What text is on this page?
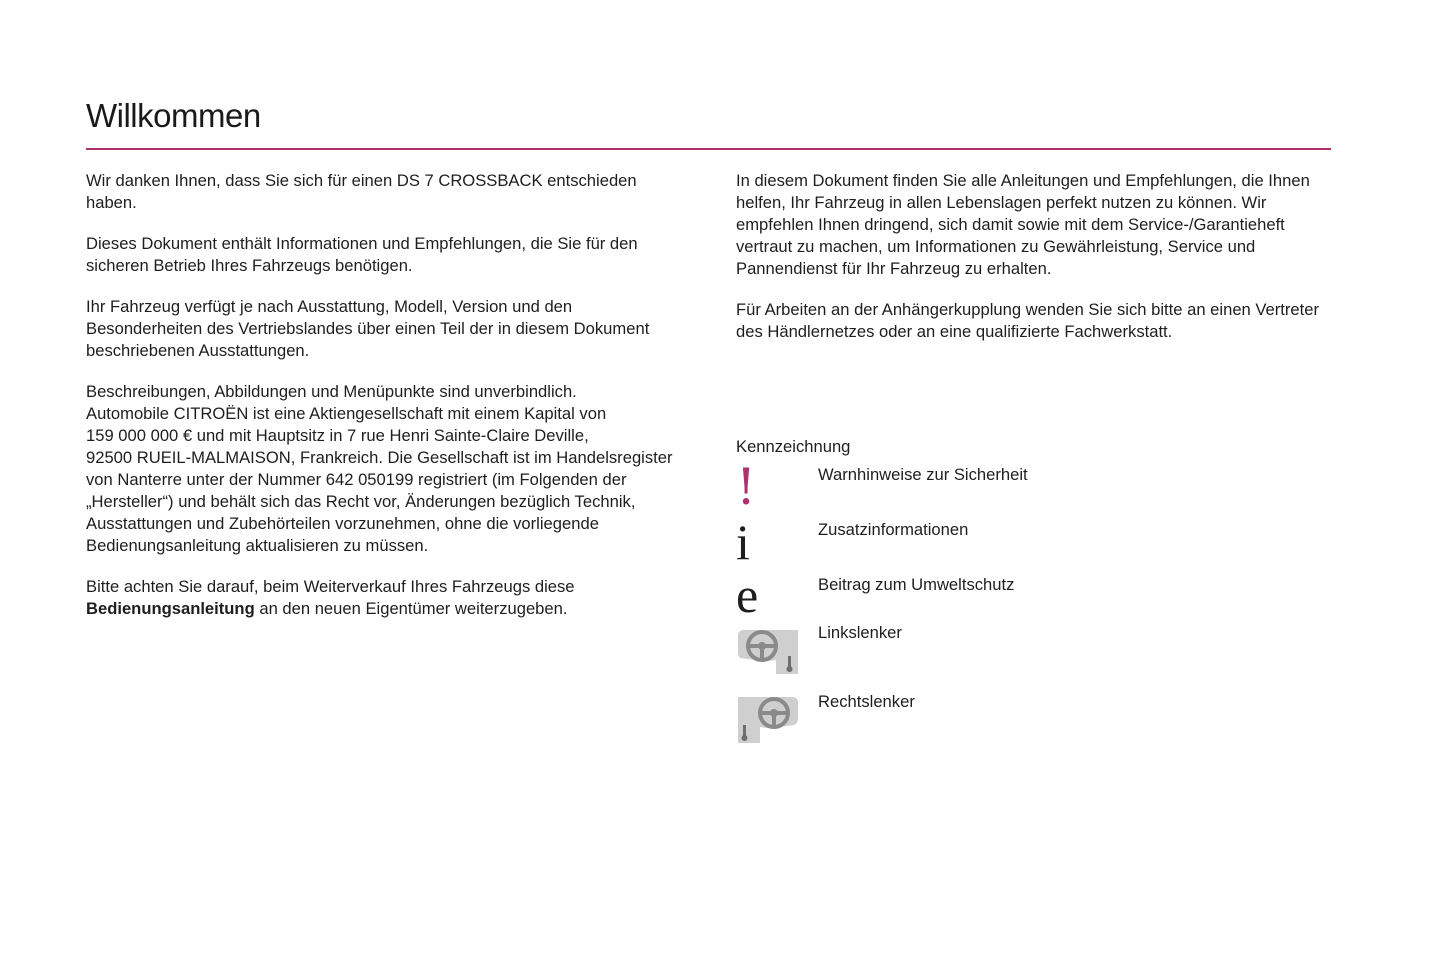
Willkommen

Wir danken Ihnen, dass Sie sich für einen DS 7 CROSSBACK entschieden haben.

Dieses Dokument enthält Informationen und Empfehlungen, die Sie für den sicheren Betrieb Ihres Fahrzeugs benötigen.

Ihr Fahrzeug verfügt je nach Ausstattung, Modell, Version und den Besonderheiten des Vertriebslandes über einen Teil der in diesem Dokument beschriebenen Ausstattungen.

Beschreibungen, Abbildungen und Menüpunkte sind unverbindlich.
Automobile CITROËN ist eine Aktiengesellschaft mit einem Kapital von
159 000 000 € und mit Hauptsitz in 7 rue Henri Sainte-Claire Deville,
92500 RUEIL-MALMAISON, Frankreich. Die Gesellschaft ist im Handelsregister von Nanterre unter der Nummer 642 050199 registriert (im Folgenden der „Hersteller“) und behält sich das Recht vor, Änderungen bezüglich Technik, Ausstattungen und Zubehörteilen vorzunehmen, ohne die vorliegende Bedienungsanleitung aktualisieren zu müssen.

Bitte achten Sie darauf, beim Weiterverkauf Ihres Fahrzeugs diese Bedienungsanleitung an den neuen Eigentümer weiterzugeben.

In diesem Dokument finden Sie alle Anleitungen und Empfehlungen, die Ihnen helfen, Ihr Fahrzeug in allen Lebenslagen perfekt nutzen zu können. Wir empfehlen Ihnen dringend, sich damit sowie mit dem Service-/Garantieheft vertraut zu machen, um Informationen zu Gewährleistung, Service und Pannendienst für Ihr Fahrzeug zu erhalten.

Für Arbeiten an der Anhängerkupplung wenden Sie sich bitte an einen Vertreter des Händlernetzes oder an eine qualifizierte Fachwerkstatt.

Kennzeichnung

!	Warnhinweise zur Sicherheit
i	Zusatzinformationen
e	Beitrag zum Umweltschutz
Linkslenker
Rechtslenker
